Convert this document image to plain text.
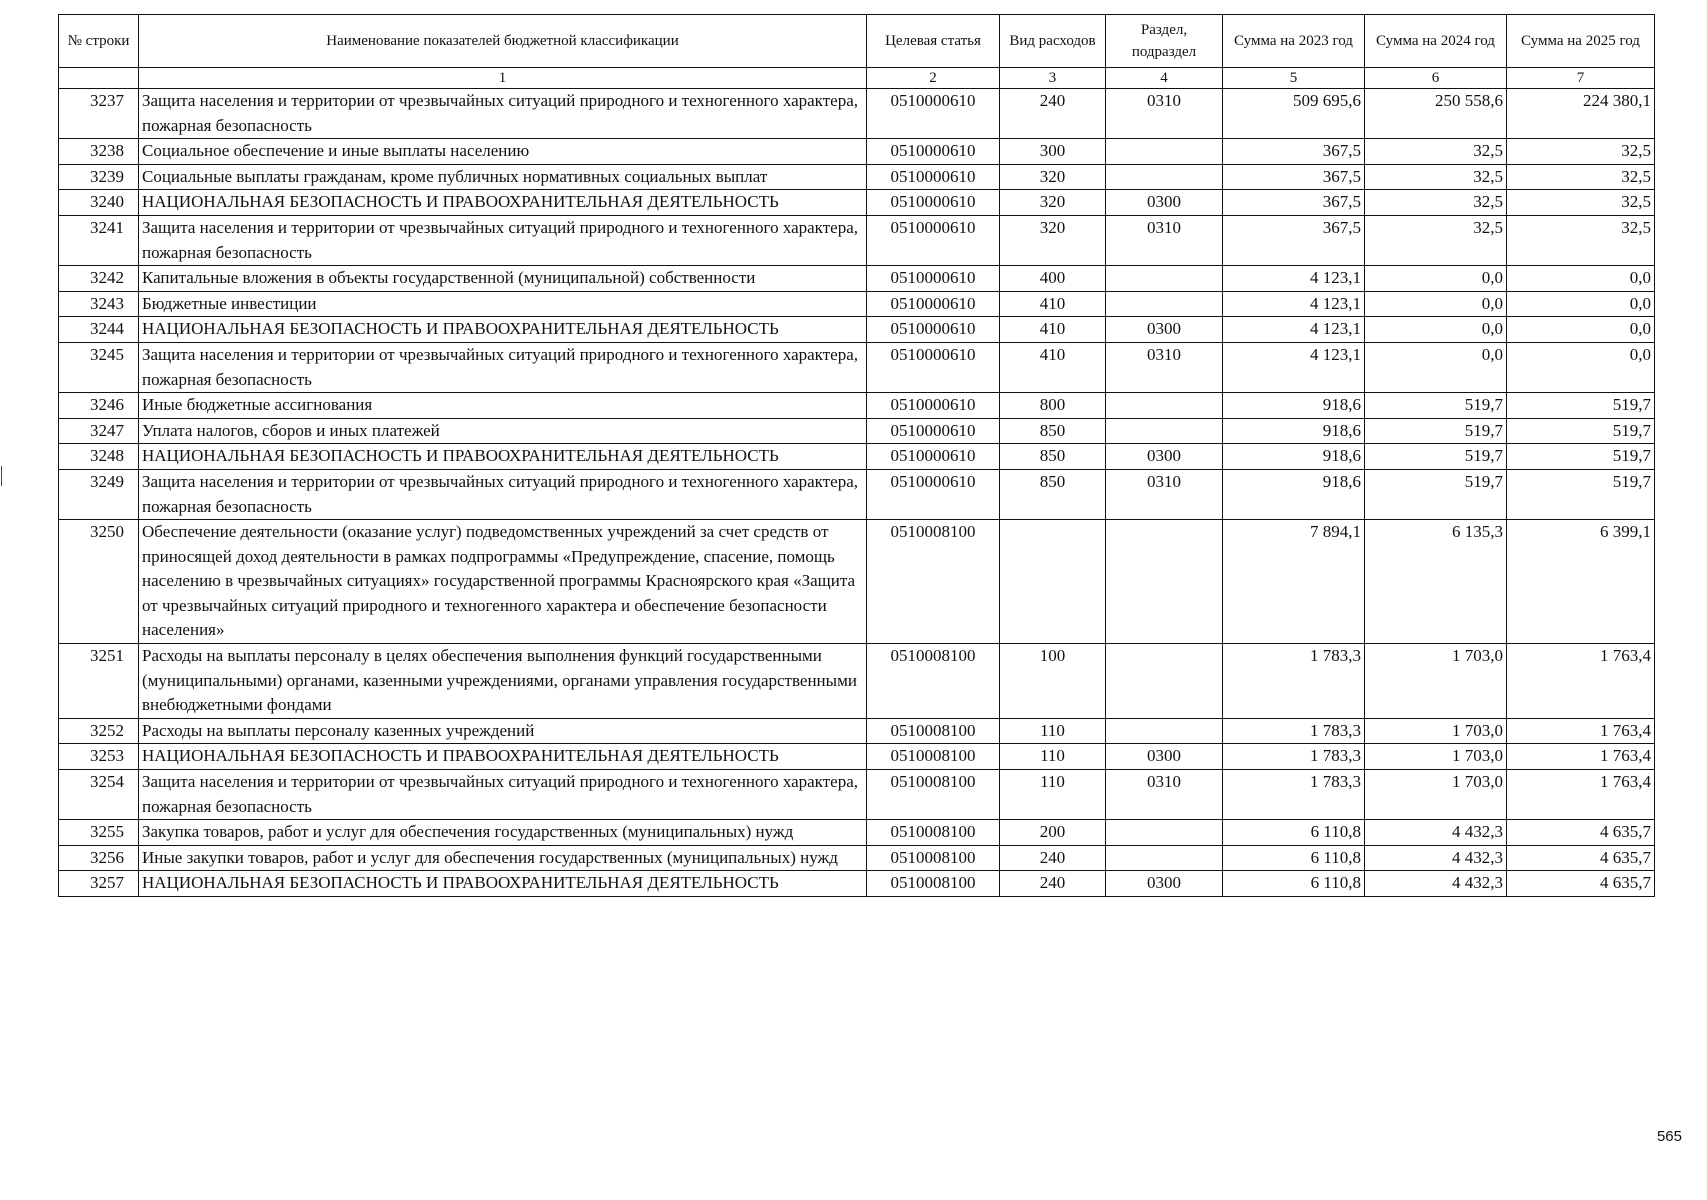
№ строки	Наименование показателей бюджетной классификации	Целевая статья	Вид расходов	Раздел, подраздел	Сумма на 2023 год	Сумма на 2024 год	Сумма на 2025 год
	1	2	3	4	5	6	7
3237	Защита населения и территории от чрезвычайных ситуаций природного и техногенного характера, пожарная безопасность	0510000610	240	0310	509 695,6	250 558,6	224 380,1
3238	Социальное обеспечение и иные выплаты населению	0510000610	300		367,5	32,5	32,5
3239	Социальные выплаты гражданам, кроме публичных нормативных социальных выплат	0510000610	320		367,5	32,5	32,5
3240	НАЦИОНАЛЬНАЯ БЕЗОПАСНОСТЬ И ПРАВООХРАНИТЕЛЬНАЯ ДЕЯТЕЛЬНОСТЬ	0510000610	320	0300	367,5	32,5	32,5
3241	Защита населения и территории от чрезвычайных ситуаций природного и техногенного характера, пожарная безопасность	0510000610	320	0310	367,5	32,5	32,5
3242	Капитальные вложения в объекты государственной (муниципальной) собственности	0510000610	400		4 123,1	0,0	0,0
3243	Бюджетные инвестиции	0510000610	410		4 123,1	0,0	0,0
3244	НАЦИОНАЛЬНАЯ БЕЗОПАСНОСТЬ И ПРАВООХРАНИТЕЛЬНАЯ ДЕЯТЕЛЬНОСТЬ	0510000610	410	0300	4 123,1	0,0	0,0
3245	Защита населения и территории от чрезвычайных ситуаций природного и техногенного характера, пожарная безопасность	0510000610	410	0310	4 123,1	0,0	0,0
3246	Иные бюджетные ассигнования	0510000610	800		918,6	519,7	519,7
3247	Уплата налогов, сборов и иных платежей	0510000610	850		918,6	519,7	519,7
3248	НАЦИОНАЛЬНАЯ БЕЗОПАСНОСТЬ И ПРАВООХРАНИТЕЛЬНАЯ ДЕЯТЕЛЬНОСТЬ	0510000610	850	0300	918,6	519,7	519,7
3249	Защита населения и территории от чрезвычайных ситуаций природного и техногенного характера, пожарная безопасность	0510000610	850	0310	918,6	519,7	519,7
3250	Обеспечение деятельности (оказание услуг) подведомственных учреждений за счет средств от приносящей доход деятельности в рамках подпрограммы «Предупреждение, спасение, помощь населению в чрезвычайных ситуациях» государственной программы Красноярского края «Защита от чрезвычайных ситуаций природного и техногенного характера и обеспечение безопасности населения»	0510008100			7 894,1	6 135,3	6 399,1
3251	Расходы на выплаты персоналу в целях обеспечения выполнения функций государственными (муниципальными) органами, казенными учреждениями, органами управления государственными внебюджетными фондами	0510008100	100		1 783,3	1 703,0	1 763,4
3252	Расходы на выплаты персоналу казенных учреждений	0510008100	110		1 783,3	1 703,0	1 763,4
3253	НАЦИОНАЛЬНАЯ БЕЗОПАСНОСТЬ И ПРАВООХРАНИТЕЛЬНАЯ ДЕЯТЕЛЬНОСТЬ	0510008100	110	0300	1 783,3	1 703,0	1 763,4
3254	Защита населения и территории от чрезвычайных ситуаций природного и техногенного характера, пожарная безопасность	0510008100	110	0310	1 783,3	1 703,0	1 763,4
3255	Закупка товаров, работ и услуг для обеспечения государственных (муниципальных) нужд	0510008100	200		6 110,8	4 432,3	4 635,7
3256	Иные закупки товаров, работ и услуг для обеспечения государственных (муниципальных) нужд	0510008100	240		6 110,8	4 432,3	4 635,7
3257	НАЦИОНАЛЬНАЯ БЕЗОПАСНОСТЬ И ПРАВООХРАНИТЕЛЬНАЯ ДЕЯТЕЛЬНОСТЬ	0510008100	240	0300	6 110,8	4 432,3	4 635,7
565
